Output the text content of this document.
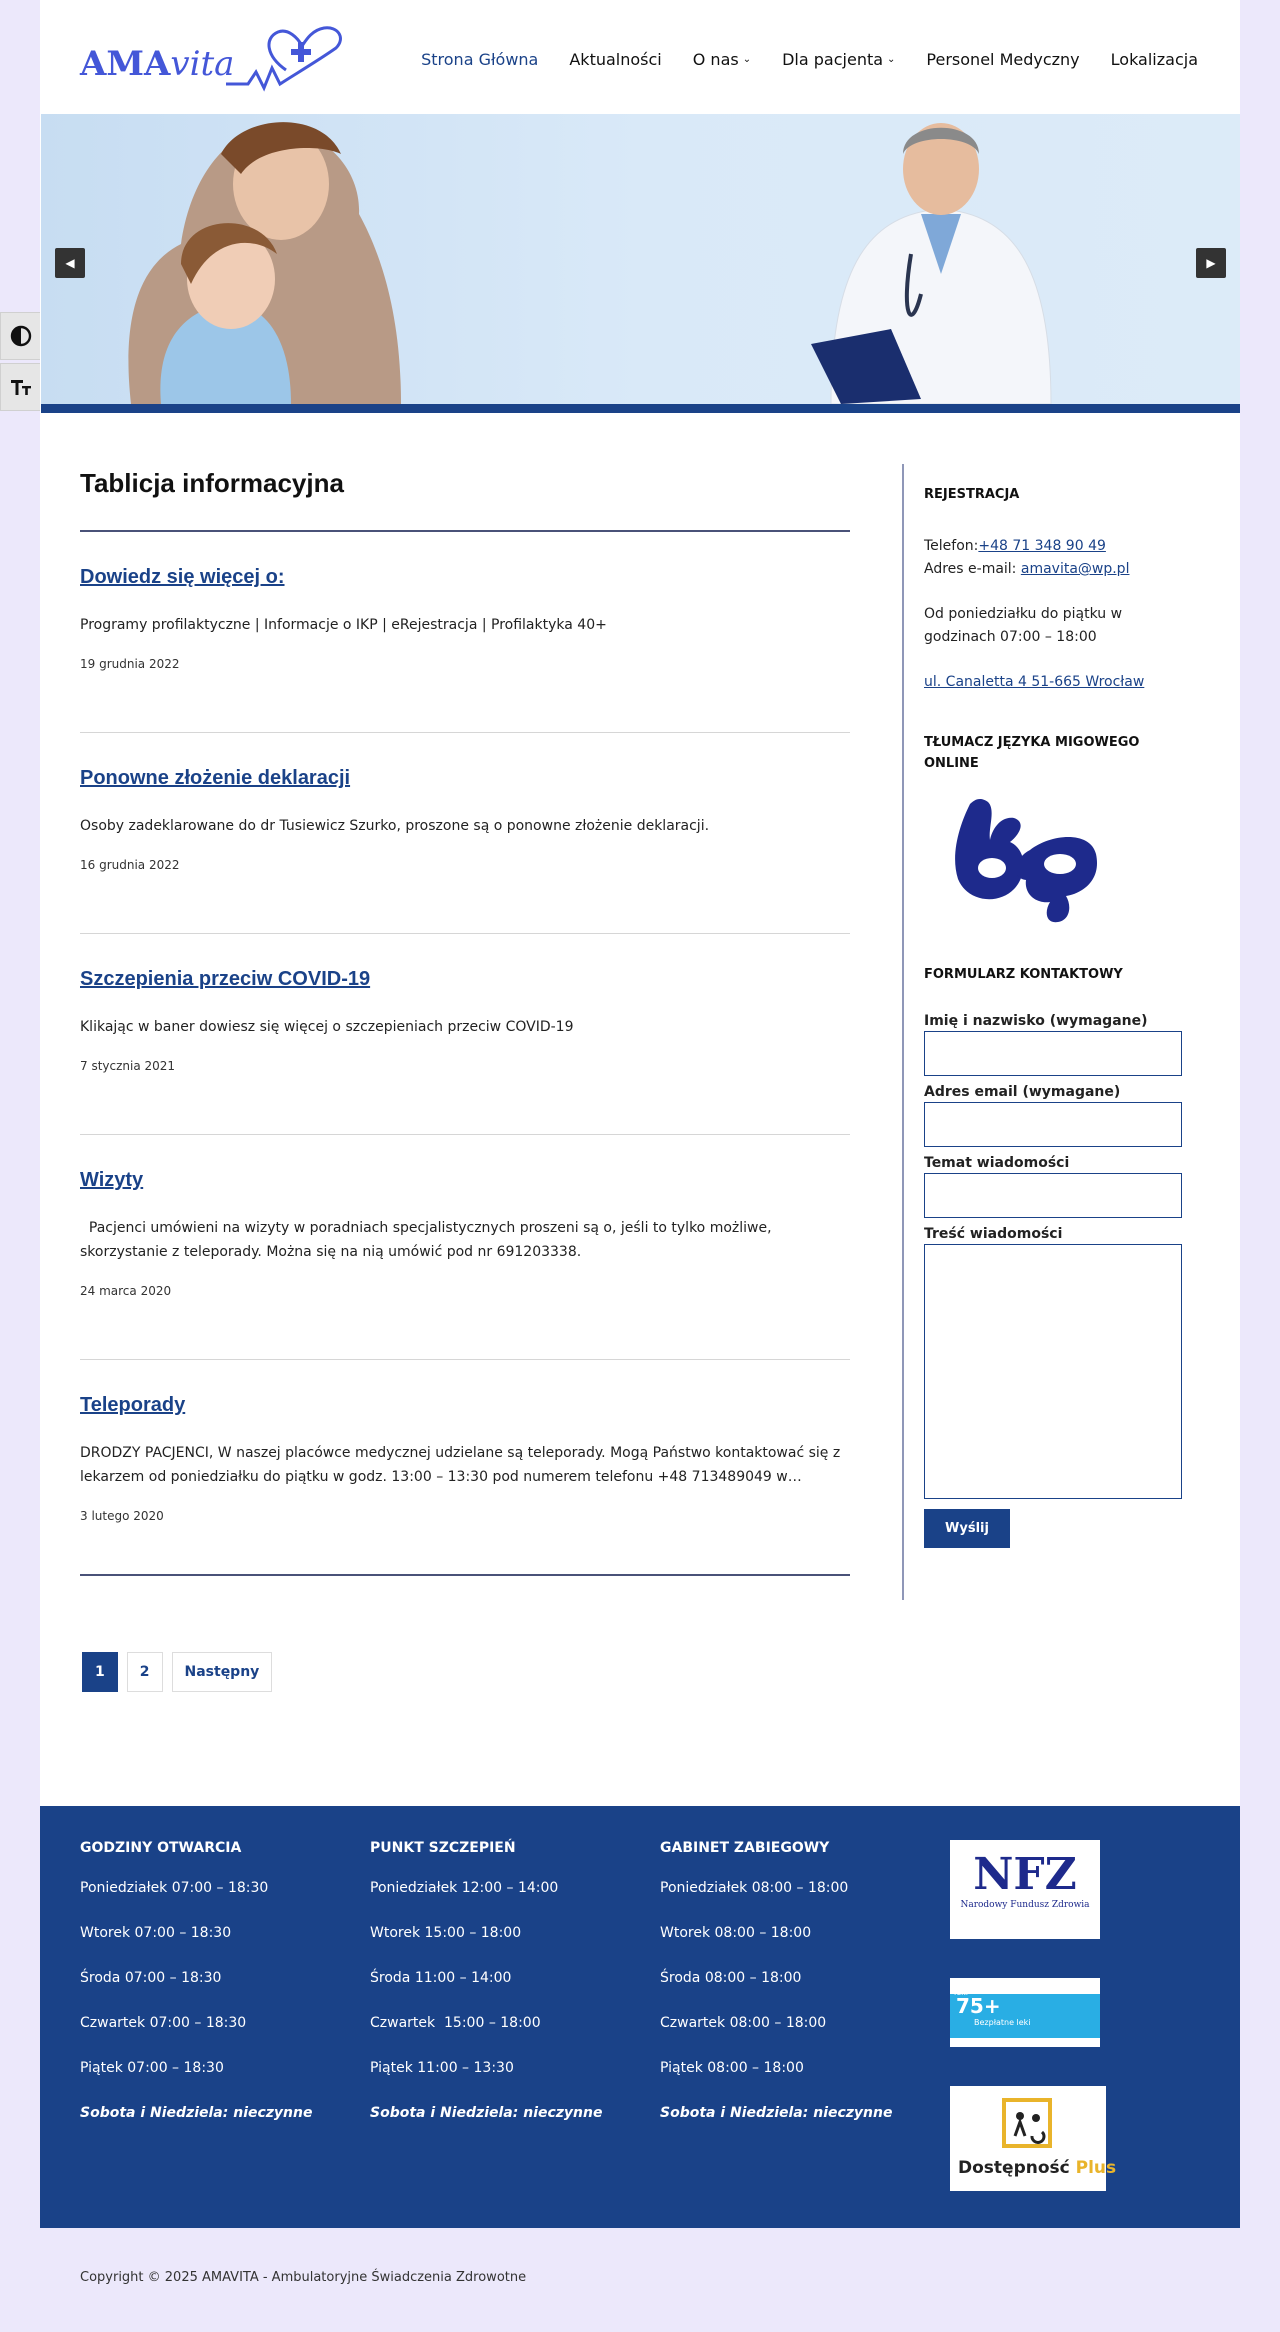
AMAvita	Strona Główna Aktualności O nas ⌄ Dla pacjenta ⌄ Personel Medyczny Lokalizacja
◀	▶
Tablicja informacyjna
Dowiedz się więcej o:

Programy profilaktyczne | Informacje o IKP | eRejestracja | Profilaktyka 40+

19 grudnia 2022
Ponowne złożenie deklaracji

Osoby zadeklarowane do dr Tusiewicz Szurko, proszone są o ponowne złożenie deklaracji.

16 grudnia 2022
Szczepienia przeciw COVID-19

Klikając w baner dowiesz się więcej o szczepieniach przeciw COVID-19

7 stycznia 2021
Wizyty

Pacjenci umówieni na wizyty w poradniach specjalistycznych proszeni są o, jeśli to tylko możliwe, skorzystanie z teleporady. Można się na nią umówić pod nr 691203338.

24 marca 2020
Teleporady

DRODZY PACJENCI, W naszej placówce medycznej udzielane są teleporady. Mogą Państwo kontaktować się z lekarzem od poniedziałku do piątku w godz. 13:00 – 13:30 pod numerem telefonu +48 713489049 w…

3 lutego 2020
1	2	Następny
REJESTRACJA
Telefon:+48 71 348 90 49
Adres e-mail: amavita@wp.pl
Od poniedziałku do piątku w godzinach 07:00 – 18:00
ul. Canaletta 4 51-665 Wrocław
TŁUMACZ JĘZYKA MIGOWEGO ONLINE
FORMULARZ KONTAKTOWY
Imię i nazwisko (wymagane)
Adres email (wymagane)
Temat wiadomości
Treść wiadomości
Wyślij
GODZINY OTWARCIA
Poniedziałek 07:00 – 18:30
Wtorek 07:00 – 18:30
Środa 07:00 – 18:30
Czwartek 07:00 – 18:30
Piątek 07:00 – 18:30
Sobota i Niedziela: nieczynne
PUNKT SZCZEPIEŃ
Poniedziałek 12:00 – 14:00
Wtorek 15:00 – 18:00
Środa 11:00 – 14:00
Czwartek  15:00 – 18:00
Piątek 11:00 – 13:30
Sobota i Niedziela: nieczynne
GABINET ZABIEGOWY
Poniedziałek 08:00 – 18:00
Wtorek 08:00 – 18:00
Środa 08:00 – 18:00
Czwartek 08:00 – 18:00
Piątek 08:00 – 18:00
Sobota i Niedziela: nieczynne
NFZ
Narodowy Fundusz Zdrowia
leki
75+
Bezpłatne leki
Dostępność Plus
Copyright © 2025 AMAVITA - Ambulatoryjne Świadczenia Zdrowotne
